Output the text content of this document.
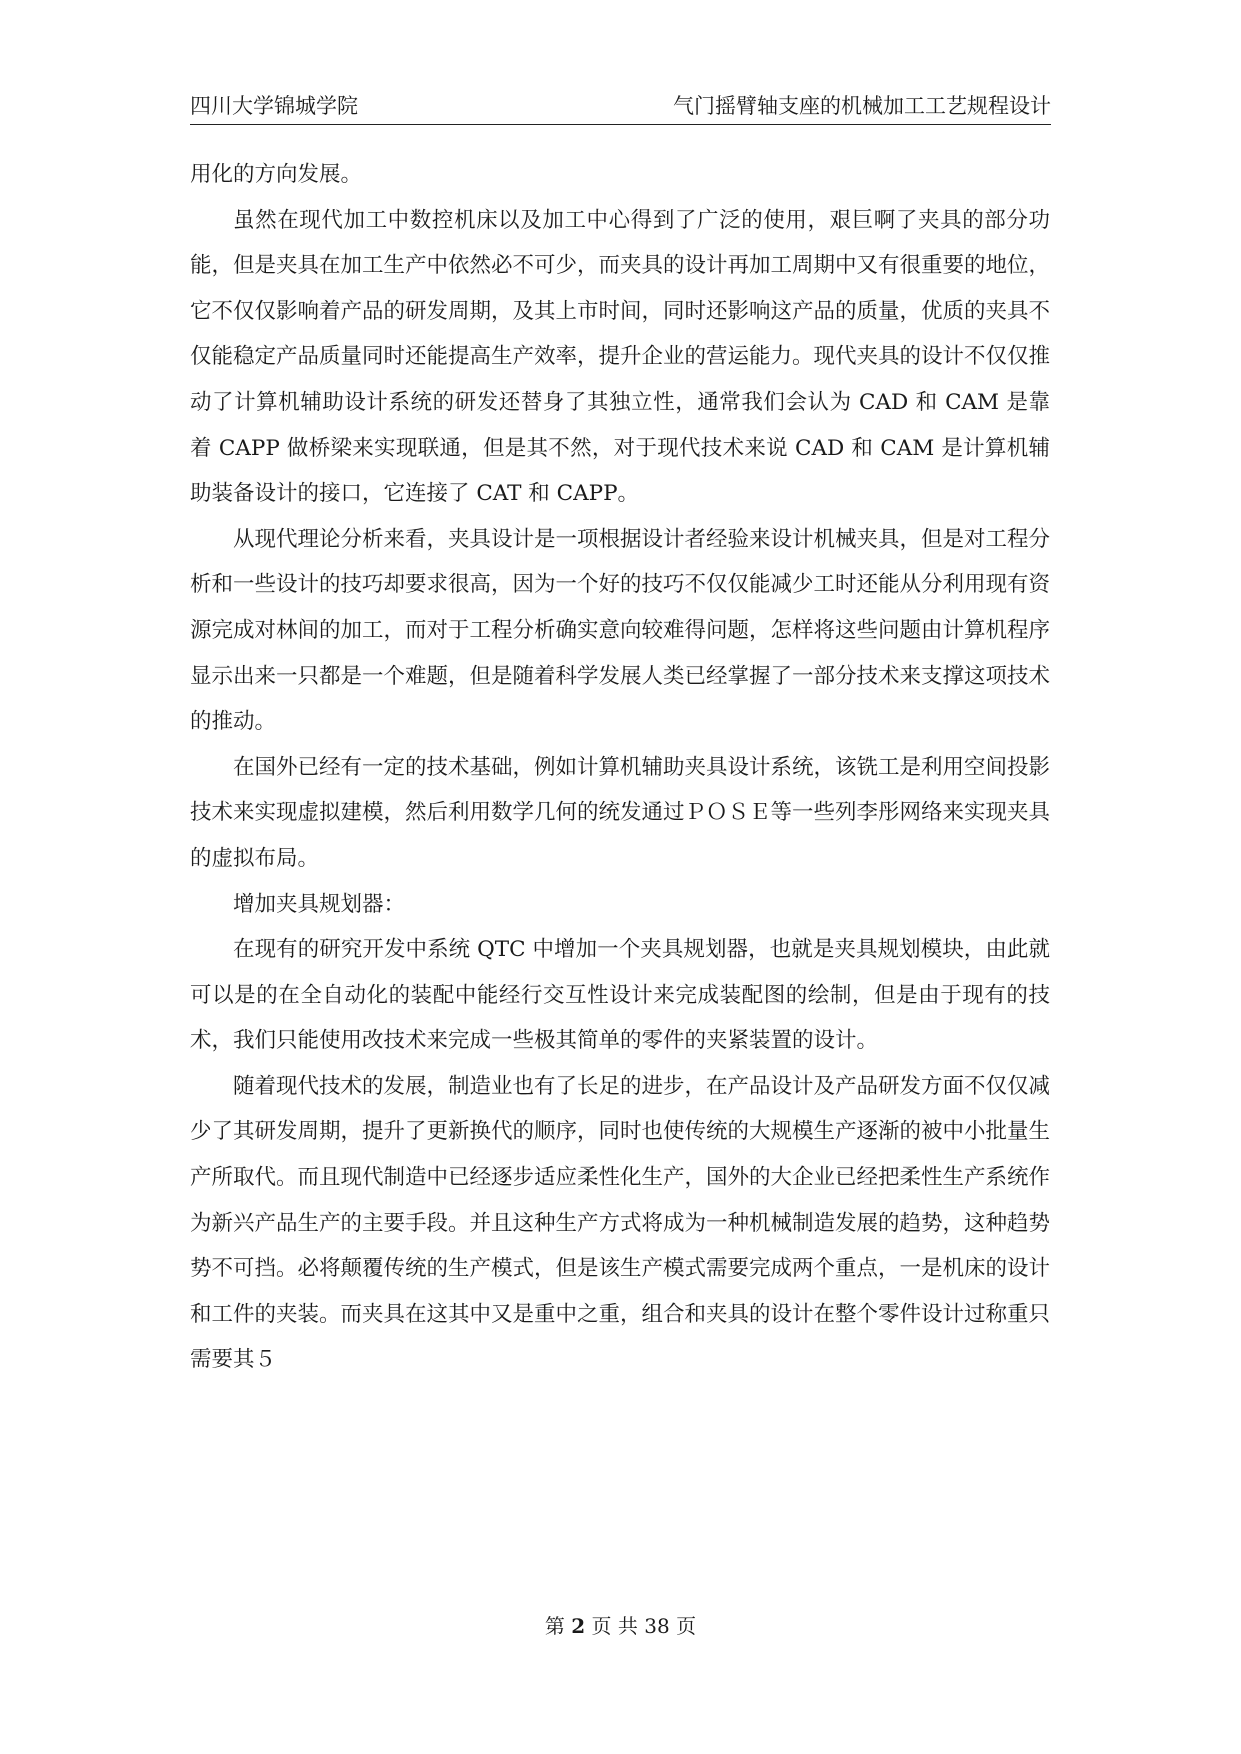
四川大学锦城学院	气门摇臂轴支座的机械加工工艺规程设计

用化的方向发展。

虽然在现代加工中数控机床以及加工中心得到了广泛的使用，艰巨啊了夹具的部分功能，但是夹具在加工生产中依然必不可少，而夹具的设计再加工周期中又有很重要的地位，它不仅仅影响着产品的研发周期，及其上市时间，同时还影响这产品的质量，优质的夹具不仅能稳定产品质量同时还能提高生产效率，提升企业的营运能力。现代夹具的设计不仅仅推动了计算机辅助设计系统的研发还替身了其独立性，通常我们会认为 CAD 和 CAM 是靠着 CAPP 做桥梁来实现联通，但是其不然，对于现代技术来说 CAD 和 CAM 是计算机辅助装备设计的接口，它连接了 CAT 和 CAPP。

从现代理论分析来看，夹具设计是一项根据设计者经验来设计机械夹具，但是对工程分析和一些设计的技巧却要求很高，因为一个好的技巧不仅仅能减少工时还能从分利用现有资源完成对林间的加工，而对于工程分析确实意向较难得问题，怎样将这些问题由计算机程序显示出来一只都是一个难题，但是随着科学发展人类已经掌握了一部分技术来支撑这项技术的推动。

在国外已经有一定的技术基础，例如计算机辅助夹具设计系统，该铣工是利用空间投影技术来实现虚拟建模，然后利用数学几何的统发通过ＰＯＳＥ等一些列李彤网络来实现夹具的虚拟布局。

增加夹具规划器：

在现有的研究开发中系统 QTC 中增加一个夹具规划器，也就是夹具规划模块，由此就可以是的在全自动化的装配中能经行交互性设计来完成装配图的绘制，但是由于现有的技术，我们只能使用改技术来完成一些极其简单的零件的夹紧装置的设计。

随着现代技术的发展，制造业也有了长足的进步，在产品设计及产品研发方面不仅仅减少了其研发周期，提升了更新换代的顺序，同时也使传统的大规模生产逐渐的被中小批量生产所取代。而且现代制造中已经逐步适应柔性化生产，国外的大企业已经把柔性生产系统作为新兴产品生产的主要手段。并且这种生产方式将成为一种机械制造发展的趋势，这种趋势势不可挡。必将颠覆传统的生产模式，但是该生产模式需要完成两个重点，一是机床的设计和工件的夹装。而夹具在这其中又是重中之重，组合和夹具的设计在整个零件设计过称重只需要其５

第 2 页 共 38 页
